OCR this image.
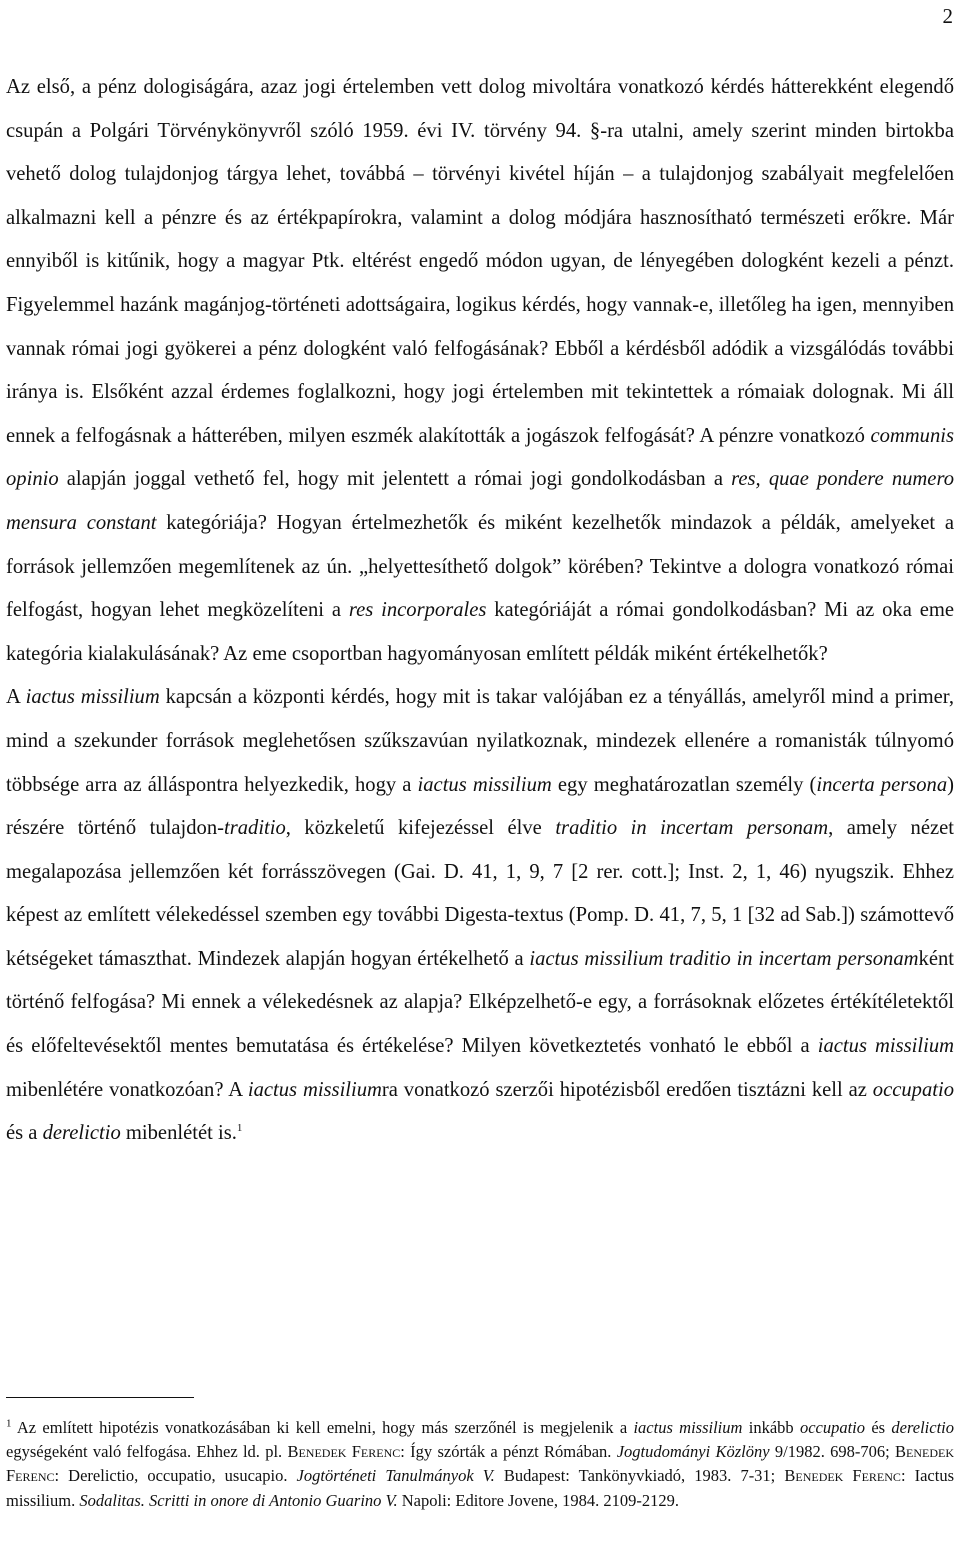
2

Az első, a pénz dologiságára, azaz jogi értelemben vett dolog mivoltára vonatkozó kérdés hátterekként elegendő csupán a Polgári Törvénykönyvről szóló 1959. évi IV. törvény 94. §-ra utalni, amely szerint minden birtokba vehető dolog tulajdonjog tárgya lehet, továbbá – törvényi kivétel híján – a tulajdonjog szabályait megfelelően alkalmazni kell a pénzre és az értékpapírokra, valamint a dolog módjára hasznosítható természeti erőkre. Már ennyiből is kitűnik, hogy a magyar Ptk. eltérést engedő módon ugyan, de lényegében dologként kezeli a pénzt. Figyelemmel hazánk magánjog-történeti adottságaira, logikus kérdés, hogy vannak-e, illetőleg ha igen, mennyiben vannak római jogi gyökerei a pénz dologként való felfogásának? Ebből a kérdésből adódik a vizsgálódás további iránya is. Elsőként azzal érdemes foglalkozni, hogy jogi értelemben mit tekintettek a rómaiak dolognak. Mi áll ennek a felfogásnak a hátterében, milyen eszmék alakították a jogászok felfogását? A pénzre vonatkozó communis opinio alapján joggal vethető fel, hogy mit jelentett a római jogi gondolkodásban a res, quae pondere numero mensura constant kategóriája? Hogyan értelmezhetők és miként kezelhetők mindazok a példák, amelyeket a források jellemzően megemlítenek az ún. „helyettesíthető dolgok” körében? Tekintve a dologra vonatkozó római felfogást, hogyan lehet megközelíteni a res incorporales kategóriáját a római gondolkodásban? Mi az oka eme kategória kialakulásának? Az eme csoportban hagyományosan említett példák miként értékelhetők?
A iactus missilium kapcsán a központi kérdés, hogy mit is takar valójában ez a tényállás, amelyről mind a primer, mind a szekunder források meglehetősen szűkszavúan nyilatkoznak, mindezek ellenére a romanisták túlnyomó többsége arra az álláspontra helyezkedik, hogy a iactus missilium egy meghatározatlan személy (incerta persona) részére történő tulajdon-traditio, közkeletű kifejezéssel élve traditio in incertam personam, amely nézet megalapozása jellemzően két forrásszövegen (Gai. D. 41, 1, 9, 7 [2 rer. cott.]; Inst. 2, 1, 46) nyugszik. Ehhez képest az említett vélekedéssel szemben egy további Digesta-textus (Pomp. D. 41, 7, 5, 1 [32 ad Sab.]) számottevő kétségeket támaszthat. Mindezek alapján hogyan értékelhető a iactus missilium traditio in incertam personamként történő felfogása? Mi ennek a vélekedésnek az alapja? Elképzelhető-e egy, a forrásoknak előzetes értékítéletektől és előfeltevésektől mentes bemutatása és értékelése? Milyen következtetés vonható le ebből a iactus missilium mibenlétére vonatkozóan? A iactus missiliumra vonatkozó szerzői hipotézisből eredően tisztázni kell az occupatio és a derelictio mibenlétét is.$^1$

$^1$ Az említett hipotézis vonatkozásában ki kell emelni, hogy más szerzőnél is megjelenik a iactus missilium inkább occupatio és derelictio egységeként való felfogása. Ehhez ld. pl. Benedek Ferenc: Így szórták a pénzt Rómában. Jogtudományi Közlöny 9/1982. 698-706; Benedek Ferenc: Derelictio, occupatio, usucapio. Jogtörténeti Tanulmányok V. Budapest: Tankönyvkiadó, 1983. 7-31; Benedek Ferenc: Iactus missilium. Sodalitas. Scritti in onore di Antonio Guarino V. Napoli: Editore Jovene, 1984. 2109-2129.
